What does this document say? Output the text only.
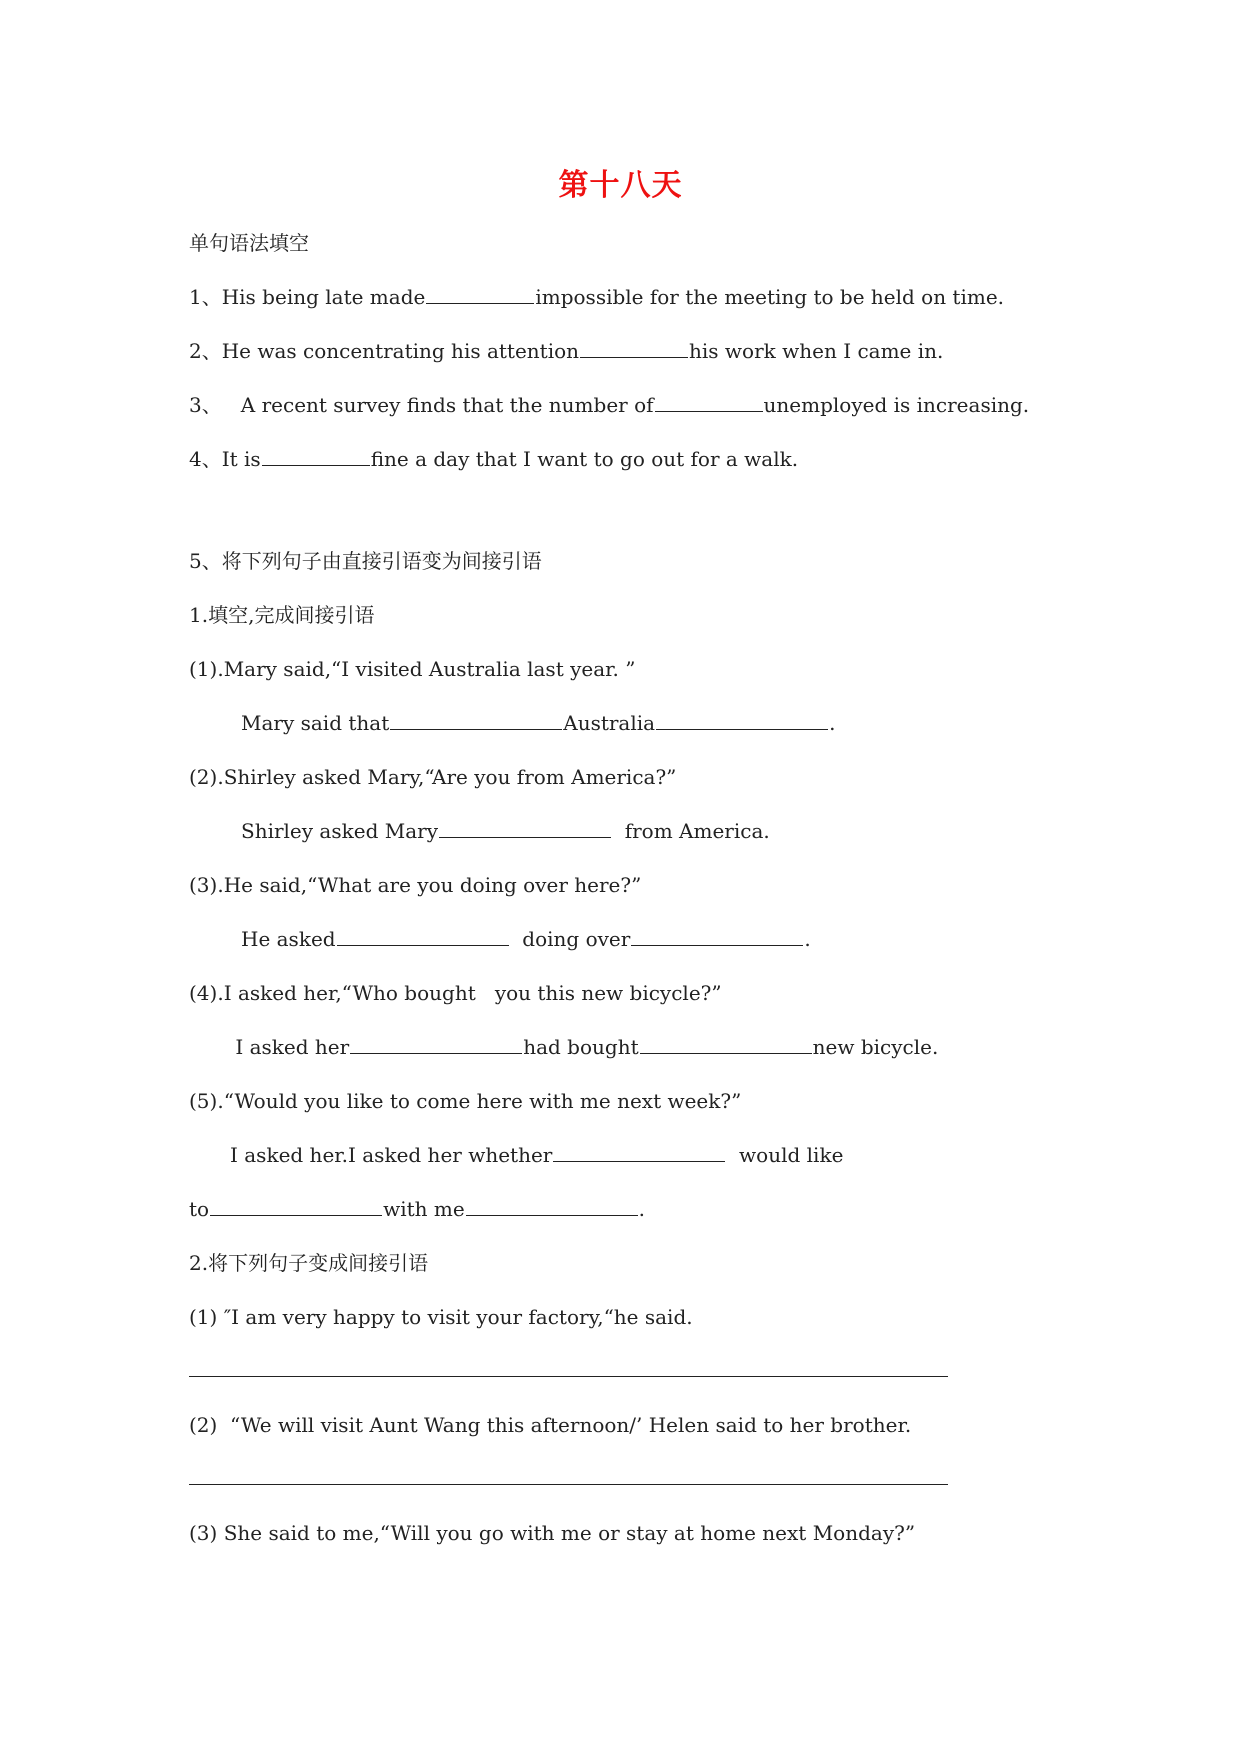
第十八天
单句语法填空
1、His being late made	impossible for the meeting to be held on time.
2、He was concentrating his attention	his work when I came in.
3、   A recent survey finds that the number of	unemployed is increasing.
4、It is	fine a day that I want to go out for a walk.
5、将下列句子由直接引语变为间接引语
1.填空,完成间接引语
(1).Mary said,“I visited Australia last year. ”
Mary said that	Australia	.
(2).Shirley asked Mary,“Are you from America?”
Shirley asked Mary	from America.
(3).He said,“What are you doing over here?”
He asked	doing over	.
(4).I asked her,“Who bought   you this new bicycle?”
I asked her	had bought	new bicycle.
(5).“Would you like to come here with me next week?”
I asked her.I asked her whether	would like
to	with me	.
2.将下列句子变成间接引语
(1) ″I am very happy to visit your factory,“he said.
(2)  “We will visit Aunt Wang this afternoon/’ Helen said to her brother.
(3) She said to me,“Will you go with me or stay at home next Monday?”
